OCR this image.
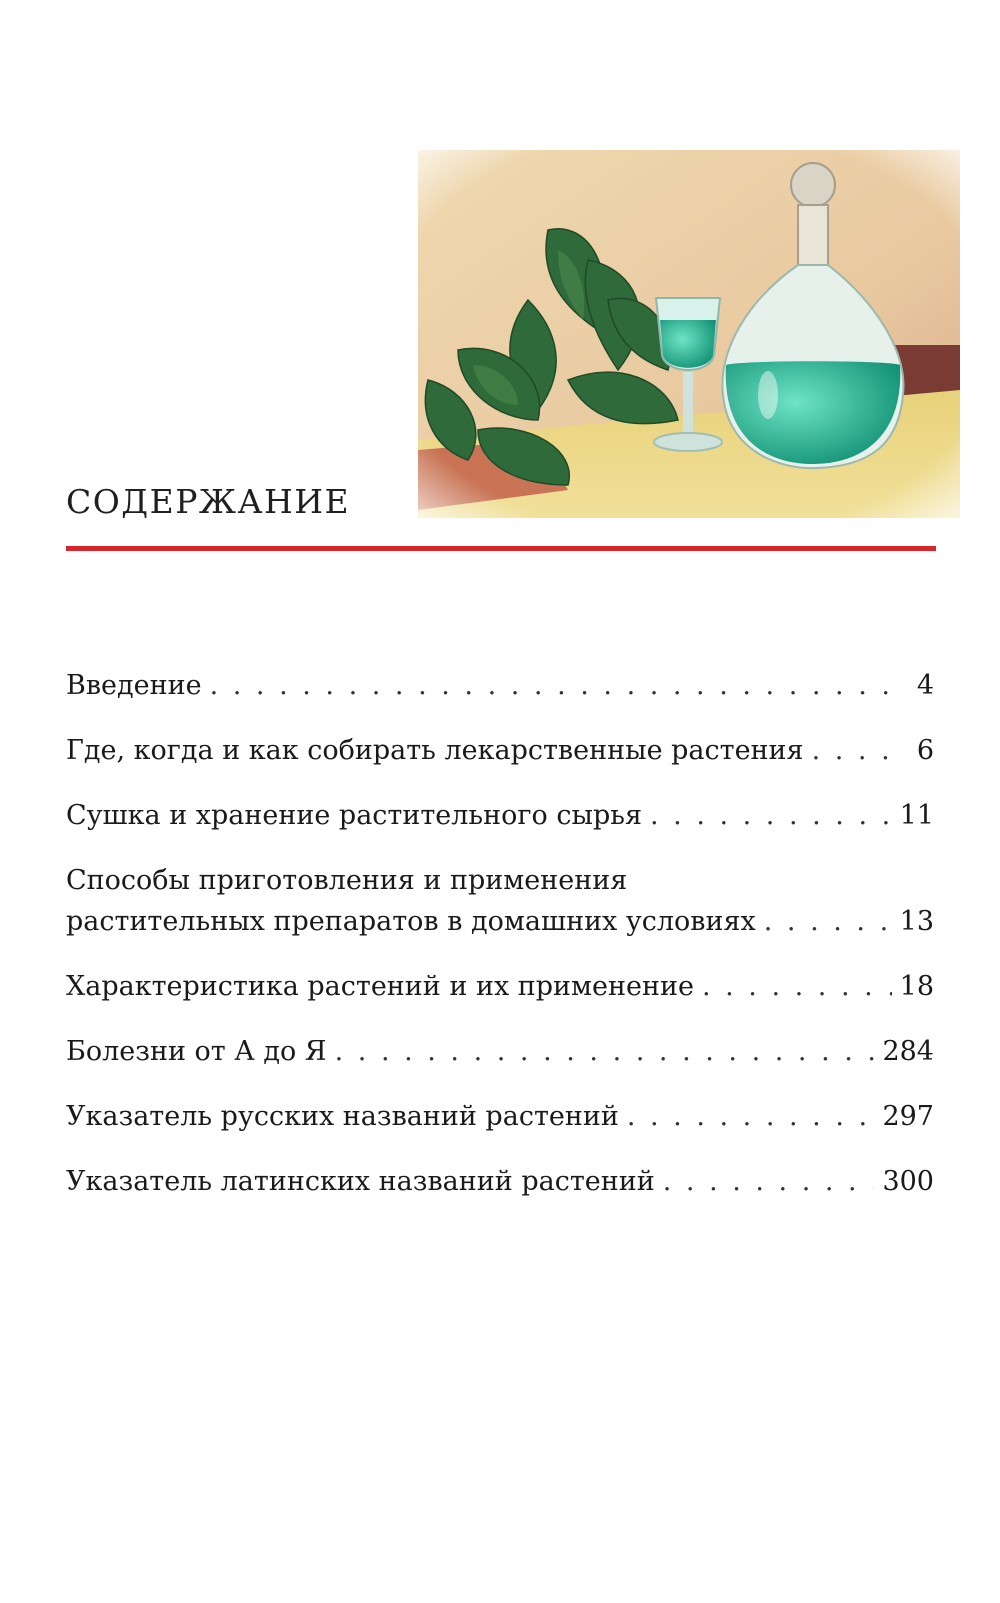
СОДЕРЖАНИЕ
Введение . . .	4
Где, когда и как собирать лекарственные растения . . .	6
Сушка и хранение растительного сырья . . .	11
Способы приготовления и применения
растительных препаратов в домашних условиях . . .	13
Характеристика растений и их применение . . .	18
Болезни от А до Я . . .	284
Указатель русских названий растений . . .	297
Указатель латинских названий растений . . .	300
